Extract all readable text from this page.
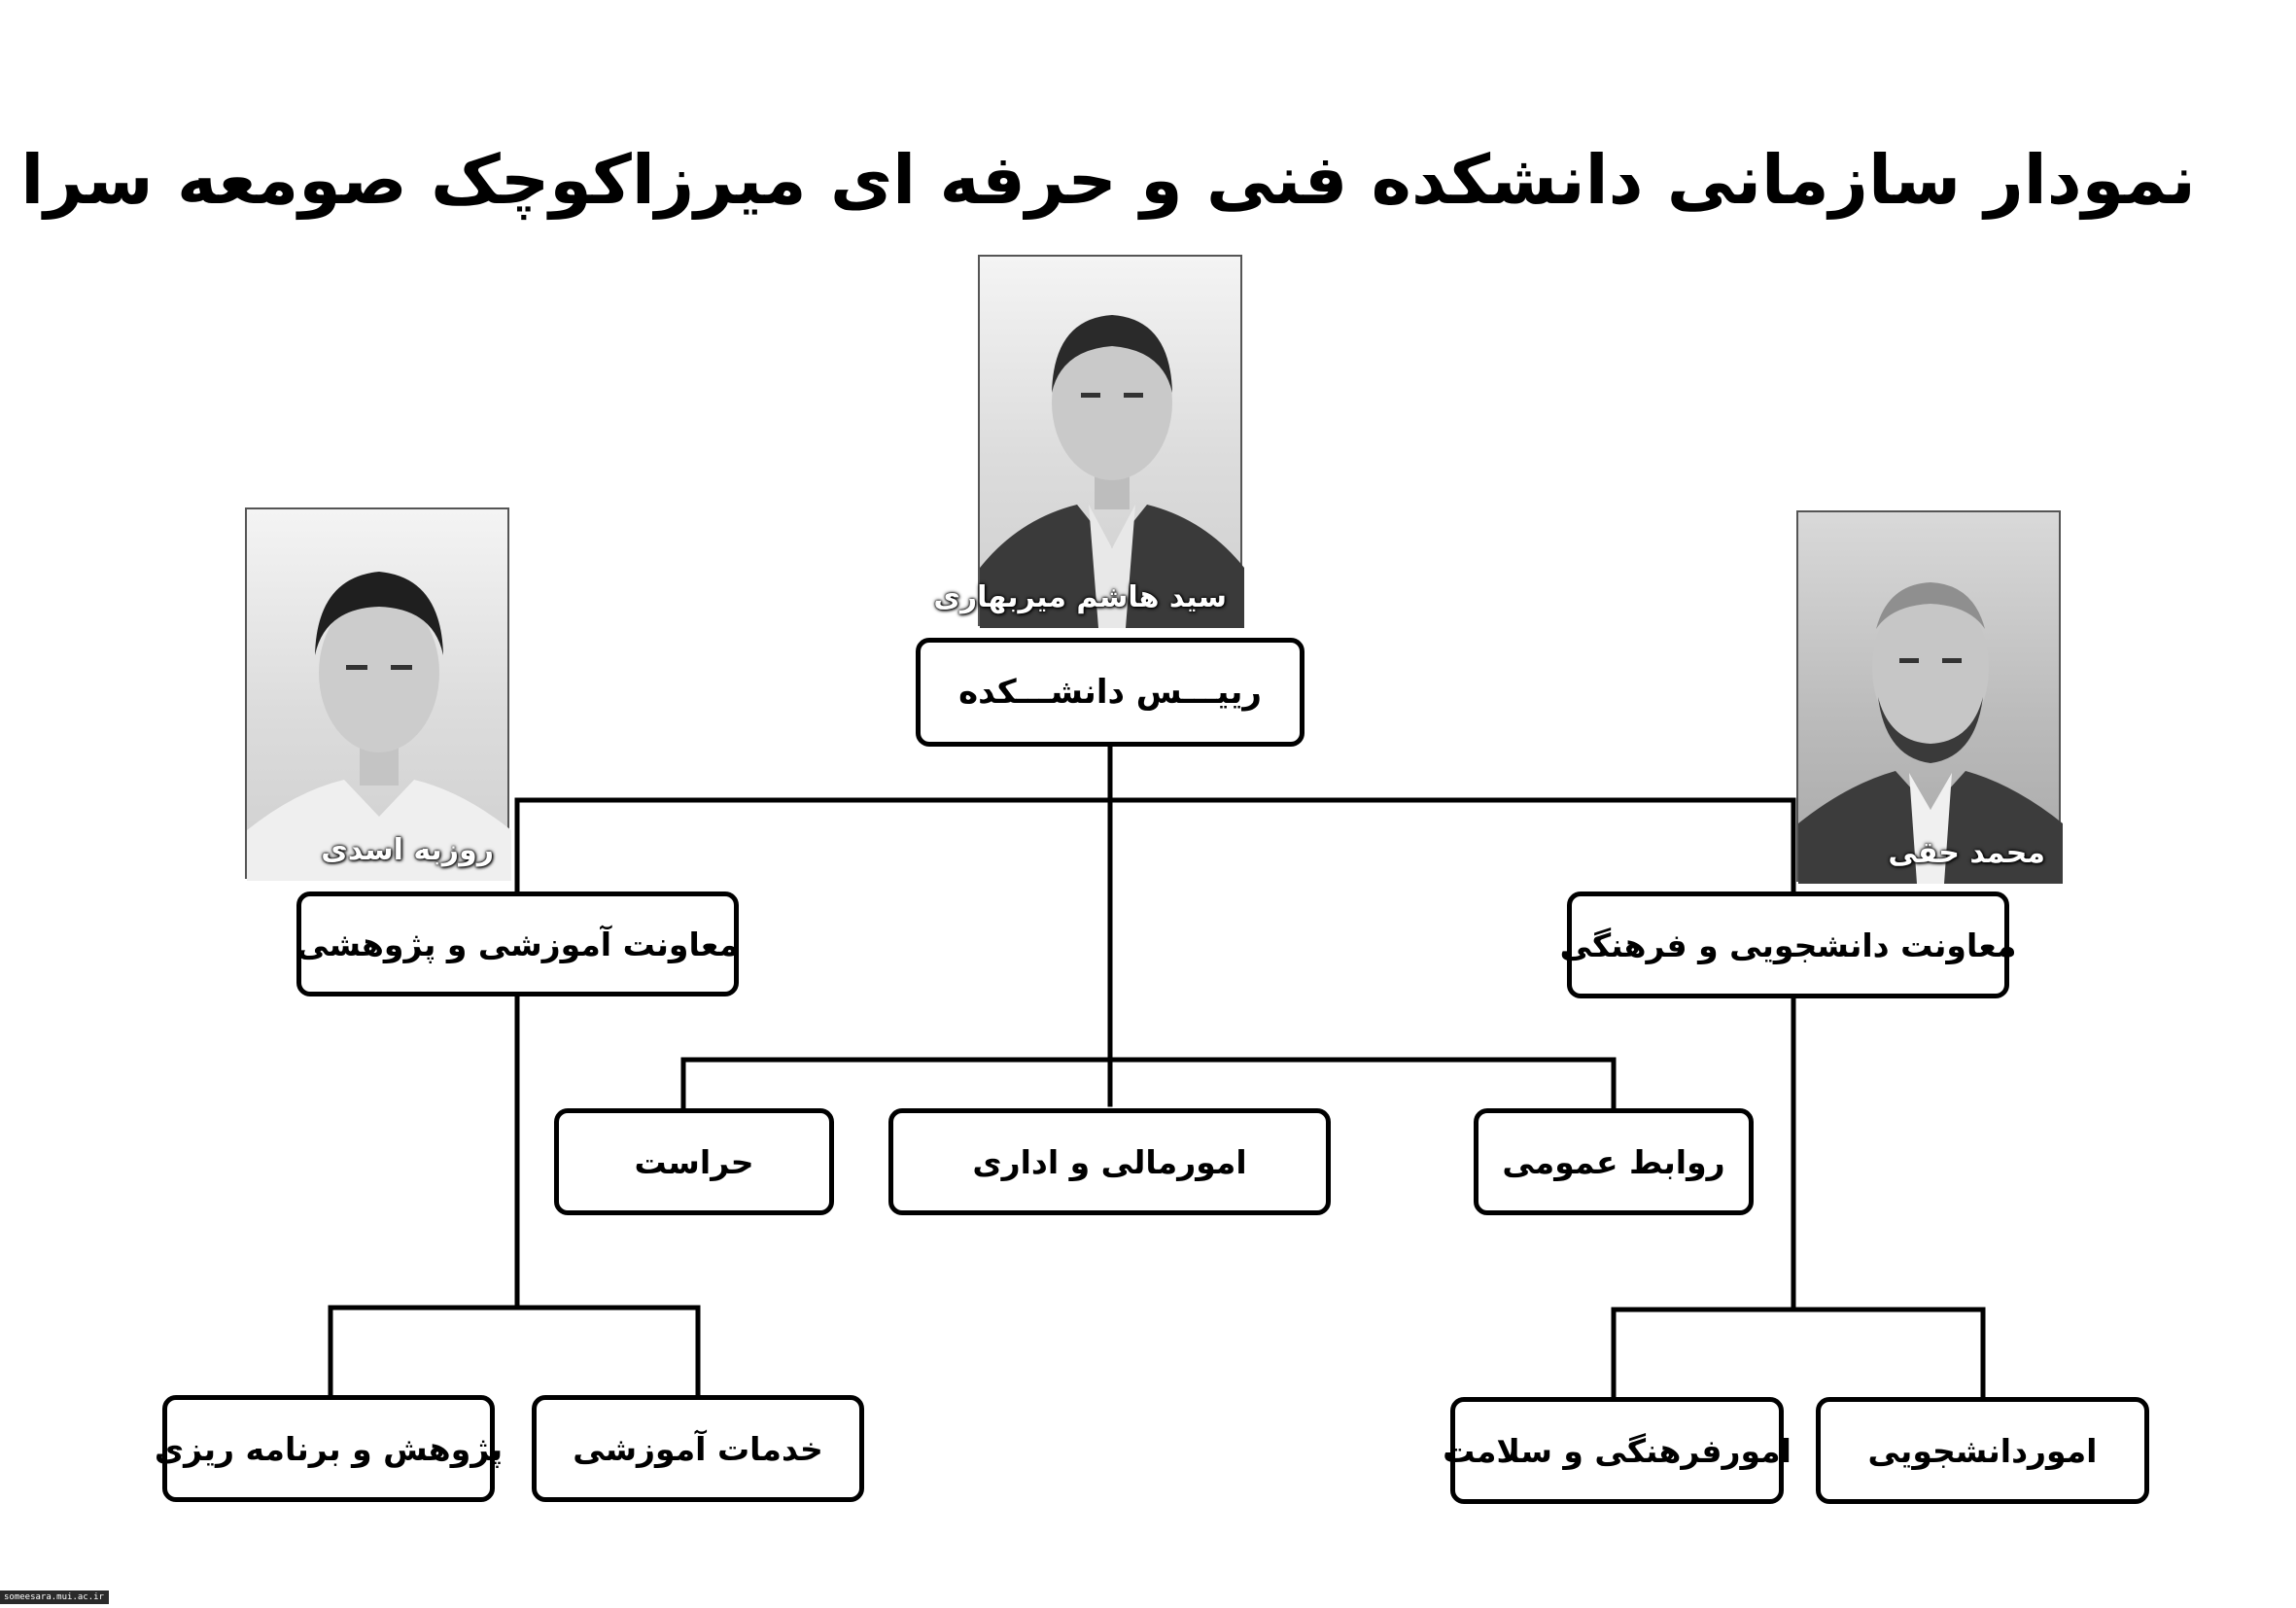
نمودار سازمانی دانشکده فنی و حرفه ای میرزاکوچک صومعه سرا
سید هاشم میربهاری
روزبه اسدی	محمد حقی
رییـــس دانشـــکده
معاونت آموزشی و پژوهشی	معاونت دانشجویی و فرهنگی
روابط عمومی
امورمالی و اداری
حراست
خدمات آموزشی
پژوهش و برنامه ریزی	اموردانشجویی
امورفرهنگی و سلامت
someesara.mui.ac.ir
